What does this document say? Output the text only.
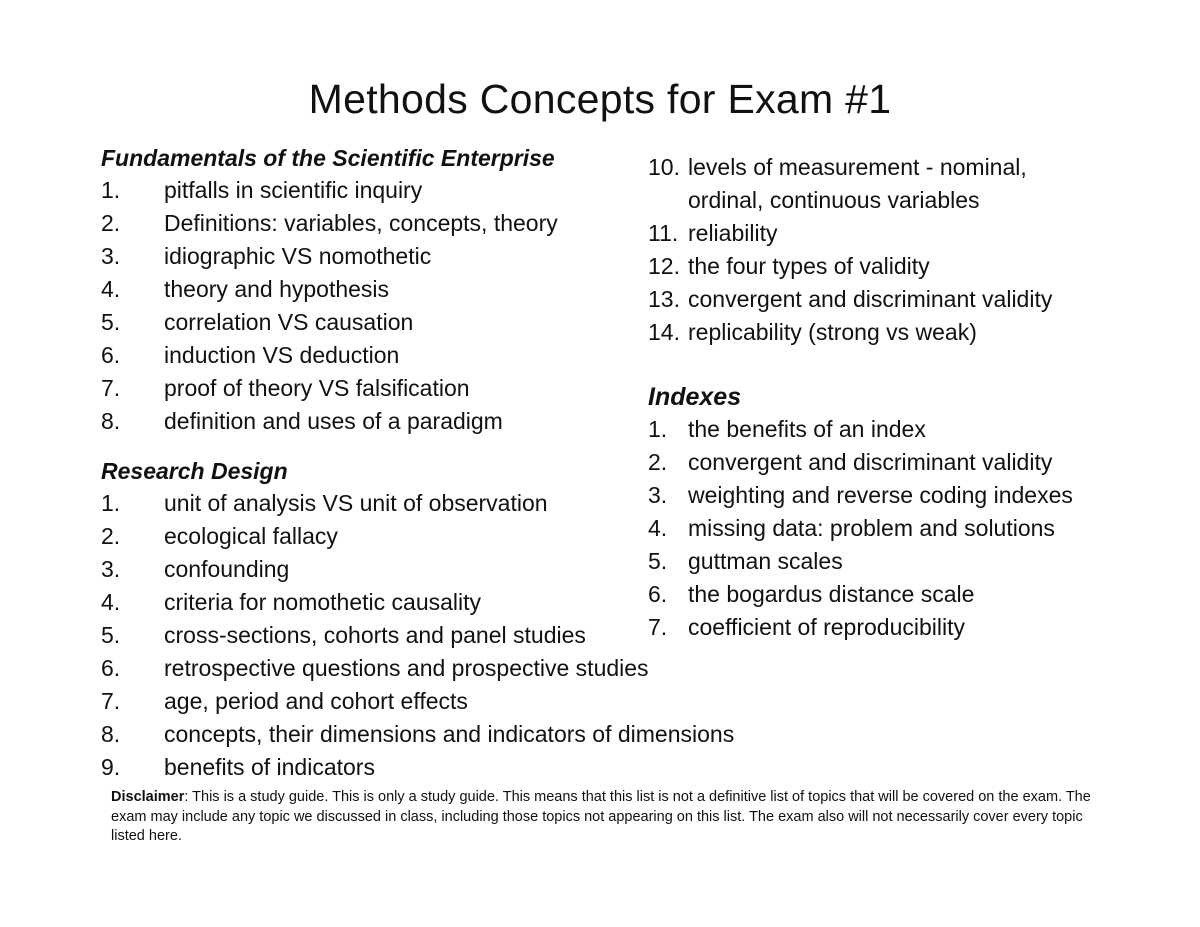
Methods Concepts for Exam #1
Fundamentals of the Scientific Enterprise
1. pitfalls in scientific inquiry
2. Definitions: variables, concepts, theory
3. idiographic VS nomothetic
4. theory and hypothesis
5. correlation VS causation
6. induction VS deduction
7. proof of theory VS falsification
8. definition and uses of a paradigm
Research Design
1. unit of analysis VS unit of observation
2. ecological fallacy
3. confounding
4. criteria for nomothetic causality
5. cross-sections, cohorts and panel studies
6. retrospective questions and prospective studies
7. age, period and cohort effects
8. concepts, their dimensions and indicators of dimensions
9. benefits of indicators
10. levels of measurement - nominal, ordinal, continuous variables
11. reliability
12. the four types of validity
13. convergent and discriminant validity
14. replicability (strong vs weak)
Indexes
1. the benefits of an index
2. convergent and discriminant validity
3. weighting and reverse coding indexes
4. missing data: problem and solutions
5. guttman scales
6. the bogardus distance scale
7. coefficient of reproducibility

Disclaimer: This is a study guide. This is only a study guide. This means that this list is not a definitive list of topics that will be covered on the exam. The exam may include any topic we discussed in class, including those topics not appearing on this list. The exam also will not necessarily cover every topic listed here.
